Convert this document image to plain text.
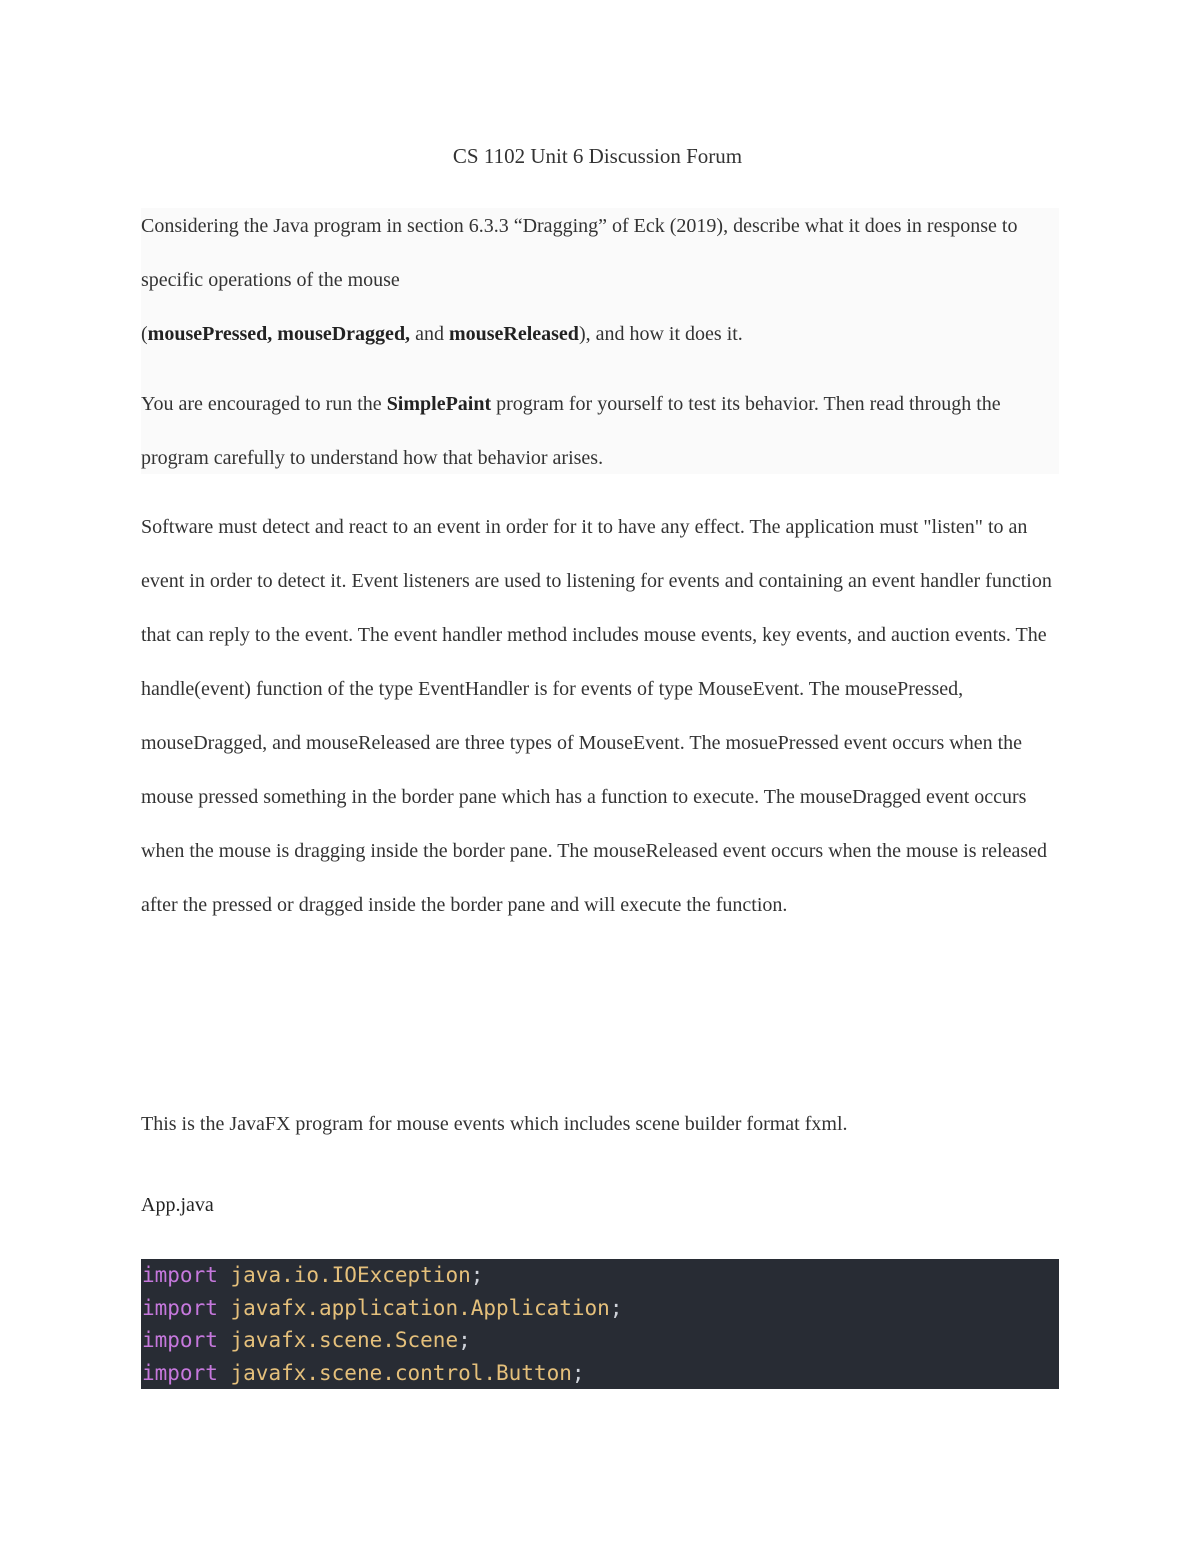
CS 1102 Unit 6 Discussion Forum

Considering the Java program in section 6.3.3 “Dragging” of Eck (2019), describe what it does in response to specific operations of the mouse

(mousePressed, mouseDragged, and mouseReleased), and how it does it.

You are encouraged to run the SimplePaint program for yourself to test its behavior. Then read through the program carefully to understand how that behavior arises.

Software must detect and react to an event in order for it to have any effect. The application must "listen" to an event in order to detect it. Event listeners are used to listening for events and containing an event handler function that can reply to the event. The event handler method includes mouse events, key events, and auction events. The handle(event) function of the type EventHandler is for events of type MouseEvent. The mousePressed, mouseDragged, and mouseReleased are three types of MouseEvent. The mosuePressed event occurs when the mouse pressed something in the border pane which has a function to execute. The mouseDragged event occurs when the mouse is dragging inside the border pane. The mouseReleased event occurs when the mouse is released after the pressed or dragged inside the border pane and will execute the function.

This is the JavaFX program for mouse events which includes scene builder format fxml.

App.java
import java.io.IOException;
import javafx.application.Application;
import javafx.scene.Scene;
import javafx.scene.control.Button;
